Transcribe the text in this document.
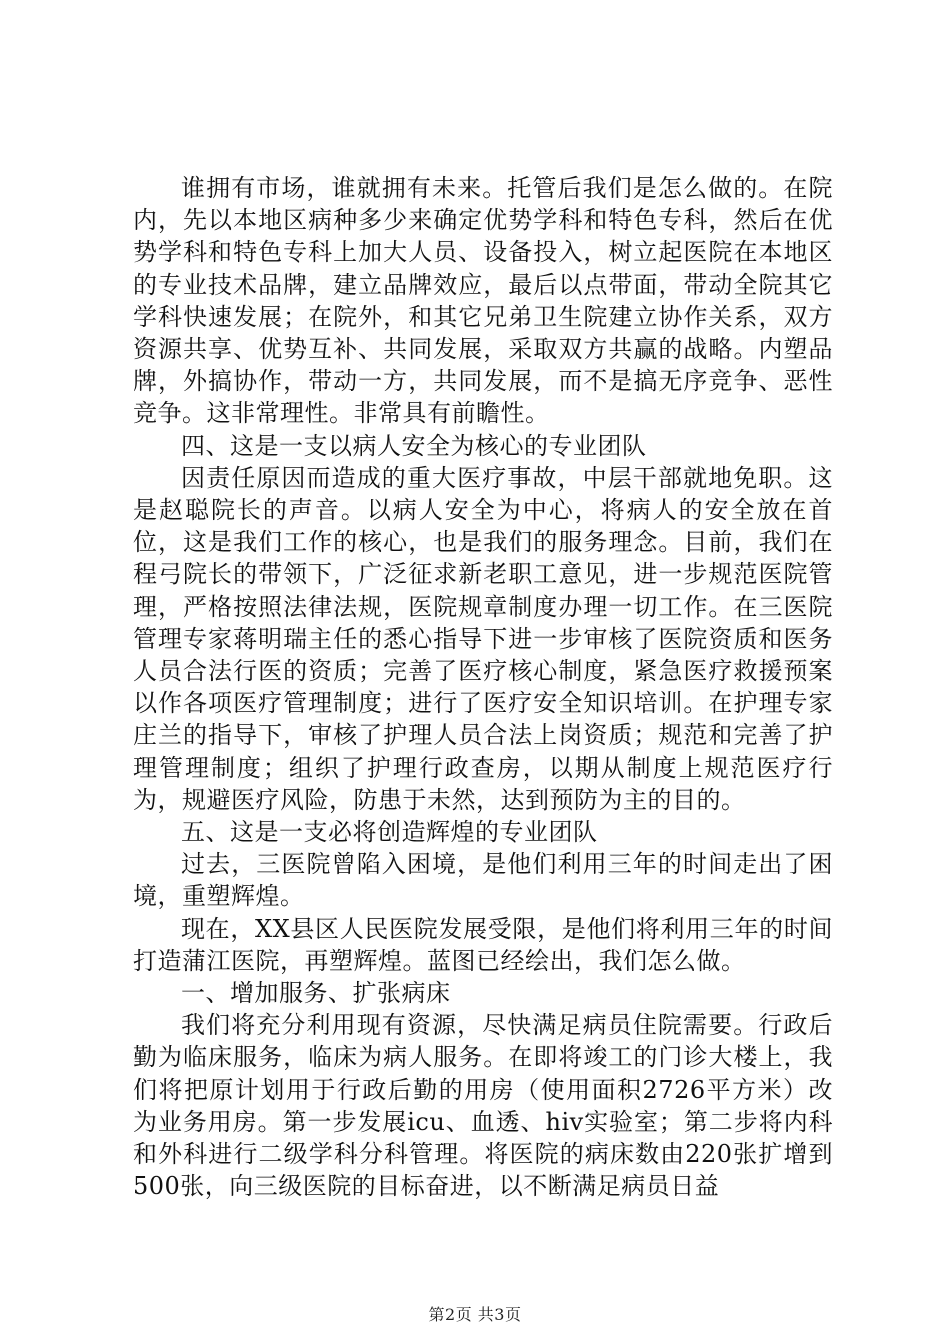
谁拥有市场，谁就拥有未来。托管后我们是怎么做的。在院内，先以本地区病种多少来确定优势学科和特色专科，然后在优势学科和特色专科上加大人员、设备投入，树立起医院在本地区的专业技术品牌，建立品牌效应，最后以点带面，带动全院其它学科快速发展；在院外，和其它兄弟卫生院建立协作关系，双方资源共享、优势互补、共同发展，采取双方共赢的战略。内塑品牌，外搞协作，带动一方，共同发展，而不是搞无序竞争、恶性竞争。这非常理性。非常具有前瞻性。

四、这是一支以病人安全为核心的专业团队

因责任原因而造成的重大医疗事故，中层干部就地免职。这是赵聪院长的声音。以病人安全为中心，将病人的安全放在首位，这是我们工作的核心，也是我们的服务理念。目前，我们在程弓院长的带领下，广泛征求新老职工意见，进一步规范医院管理，严格按照法律法规，医院规章制度办理一切工作。在三医院管理专家蒋明瑞主任的悉心指导下进一步审核了医院资质和医务人员合法行医的资质；完善了医疗核心制度，紧急医疗救援预案以作各项医疗管理制度；进行了医疗安全知识培训。在护理专家庄兰的指导下，审核了护理人员合法上岗资质；规范和完善了护理管理制度；组织了护理行政查房，以期从制度上规范医疗行为，规避医疗风险，防患于未然，达到预防为主的目的。

五、这是一支必将创造辉煌的专业团队

过去，三医院曾陷入困境，是他们利用三年的时间走出了困境，重塑辉煌。

现在，XX县区人民医院发展受限，是他们将利用三年的时间打造蒲江医院，再塑辉煌。蓝图已经绘出，我们怎么做。

一、增加服务、扩张病床

我们将充分利用现有资源，尽快满足病员住院需要。行政后勤为临床服务，临床为病人服务。在即将竣工的门诊大楼上，我们将把原计划用于行政后勤的用房（使用面积2726平方米）改为业务用房。第一步发展icu、血透、hiv实验室；第二步将内科和外科进行二级学科分科管理。将医院的病床数由220张扩增到500张，向三级医院的目标奋进，以不断满足病员日益

第2页 共3页
